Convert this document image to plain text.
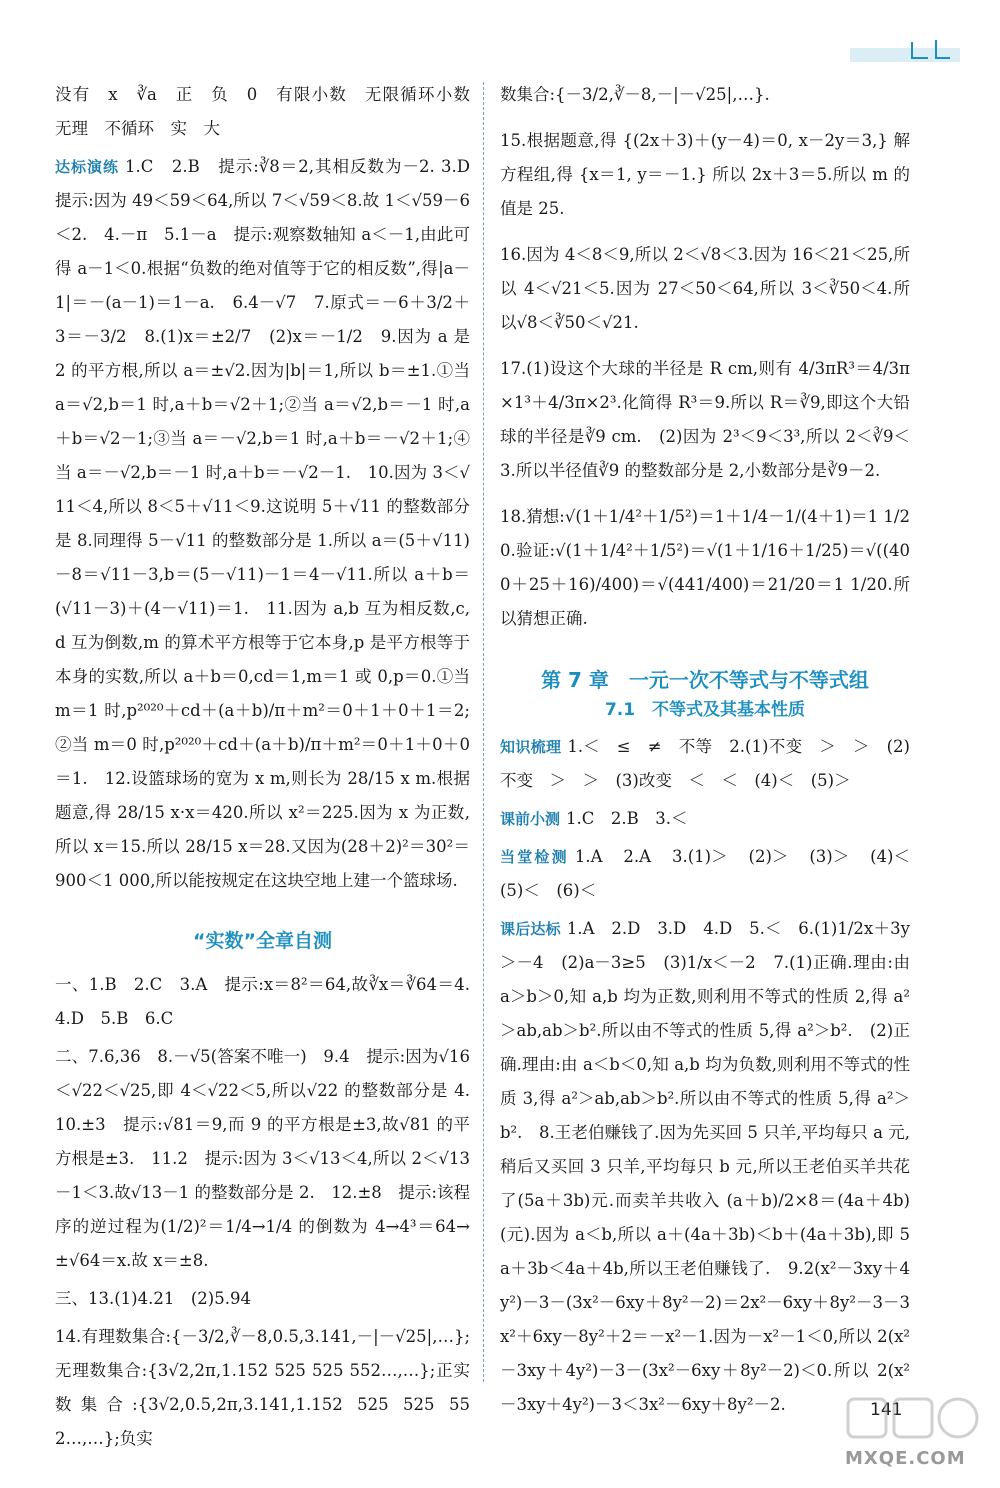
没有　x　∛a　正　负　0　有限小数　无限循环小数　无理　不循环　实　大

达标演练 1.C　2.B　提示:∛8＝2,其相反数为－2. 3.D　提示:因为 49＜59＜64,所以 7＜√59＜8.故 1＜√59－6＜2.　4.－π　5.1－a　提示:观察数轴知 a＜－1,由此可得 a－1＜0.根据“负数的绝对值等于它的相反数”,得|a－1|＝－(a－1)＝1－a.　6.4－√7　7.原式＝－6＋3/2＋3＝－3/2　8.(1)x＝±2/7　(2)x＝－1/2　9.因为 a 是 2 的平方根,所以 a＝±√2.因为|b|＝1,所以 b＝±1.①当 a＝√2,b＝1 时,a＋b＝√2＋1;②当 a＝√2,b＝－1 时,a＋b＝√2－1;③当 a＝－√2,b＝1 时,a＋b＝－√2＋1;④当 a＝－√2,b＝－1 时,a＋b＝－√2－1.　10.因为 3＜√11＜4,所以 8＜5＋√11＜9.这说明 5＋√11 的整数部分是 8.同理得 5－√11 的整数部分是 1.所以 a＝(5＋√11)－8＝√11－3,b＝(5－√11)－1＝4－√11.所以 a＋b＝(√11－3)＋(4－√11)＝1.　11.因为 a,b 互为相反数,c,d 互为倒数,m 的算术平方根等于它本身,p 是平方根等于本身的实数,所以 a＋b＝0,cd＝1,m＝1 或 0,p＝0.①当 m＝1 时,p²⁰²⁰＋cd＋(a＋b)/π＋m²＝0＋1＋0＋1＝2;②当 m＝0 时,p²⁰²⁰＋cd＋(a＋b)/π＋m²＝0＋1＋0＋0＝1.　12.设篮球场的宽为 x m,则长为 28/15 x m.根据题意,得 28/15 x·x＝420.所以 x²＝225.因为 x 为正数,所以 x＝15.所以 28/15 x＝28.又因为(28＋2)²＝30²＝900＜1 000,所以能按规定在这块空地上建一个篮球场.

“实数”全章自测

一、1.B　2.C　3.A　提示:x＝8²＝64,故∛x＝∛64＝4.　4.D　5.B　6.C

二、7.6,36　8.－√5(答案不唯一)　9.4　提示:因为√16＜√22＜√25,即 4＜√22＜5,所以√22 的整数部分是 4.　10.±3　提示:√81＝9,而 9 的平方根是±3,故√81 的平方根是±3.　11.2　提示:因为 3＜√13＜4,所以 2＜√13－1＜3.故√13－1 的整数部分是 2.　12.±8　提示:该程序的逆过程为(1/2)²＝1/4→1/4 的倒数为 4→4³＝64→±√64＝x.故 x＝±8.

三、13.(1)4.21　(2)5.94

14.有理数集合:{－3/2,∛－8,0.5,3.141,－|－√25|,…};无理数集合:{3√2,2π,1.152 525 525 552…,…};正实数集合:{3√2,0.5,2π,3.141,1.152 525 525 552…,…};负实

数集合:{－3/2,∛－8,－|－√25|,…}.

15.根据题意,得 {(2x＋3)＋(y－4)＝0, x－2y＝3,} 解方程组,得 {x＝1, y＝－1.} 所以 2x＋3＝5.所以 m 的值是 25.

16.因为 4＜8＜9,所以 2＜√8＜3.因为 16＜21＜25,所以 4＜√21＜5.因为 27＜50＜64,所以 3＜∛50＜4.所以√8＜∛50＜√21.

17.(1)设这个大球的半径是 R cm,则有 4/3πR³＝4/3π×1³＋4/3π×2³.化简得 R³＝9.所以 R＝∛9,即这个大铅球的半径是∛9 cm.　(2)因为 2³＜9＜3³,所以 2＜∛9＜3.所以半径值∛9 的整数部分是 2,小数部分是∛9－2.

18.猜想:√(1＋1/4²＋1/5²)＝1＋1/4－1/(4＋1)＝1 1/20.验证:√(1＋1/4²＋1/5²)＝√(1＋1/16＋1/25)＝√((400＋25＋16)/400)＝√(441/400)＝21/20＝1 1/20.所以猜想正确.

第 7 章　一元一次不等式与不等式组
7.1　不等式及其基本性质

知识梳理 1.＜　≤　≠　不等　2.(1)不变　＞　＞　(2)不变　＞　＞　(3)改变　＜　＜　(4)＜　(5)＞

课前小测 1.C　2.B　3.＜

当堂检测 1.A　2.A　3.(1)＞　(2)＞　(3)＞　(4)＜　(5)＜　(6)＜

课后达标 1.A　2.D　3.D　4.D　5.＜　6.(1)1/2x＋3y＞－4　(2)a－3≥5　(3)1/x＜－2　7.(1)正确.理由:由 a＞b＞0,知 a,b 均为正数,则利用不等式的性质 2,得 a²＞ab,ab＞b².所以由不等式的性质 5,得 a²＞b².　(2)正确.理由:由 a＜b＜0,知 a,b 均为负数,则利用不等式的性质 3,得 a²＞ab,ab＞b².所以由不等式的性质 5,得 a²＞b².　8.王老伯赚钱了.因为先买回 5 只羊,平均每只 a 元,稍后又买回 3 只羊,平均每只 b 元,所以王老伯买羊共花了(5a＋3b)元.而卖羊共收入 (a＋b)/2×8＝(4a＋4b)(元).因为 a＜b,所以 a＋(4a＋3b)＜b＋(4a＋3b),即 5a＋3b＜4a＋4b,所以王老伯赚钱了.　9.2(x²－3xy＋4y²)－3－(3x²－6xy＋8y²－2)＝2x²－6xy＋8y²－3－3x²＋6xy－8y²＋2＝－x²－1.因为－x²－1＜0,所以 2(x²－3xy＋4y²)－3－(3x²－6xy＋8y²－2)＜0.所以 2(x²－3xy＋4y²)－3＜3x²－6xy＋8y²－2.	141
MXQE.COM
